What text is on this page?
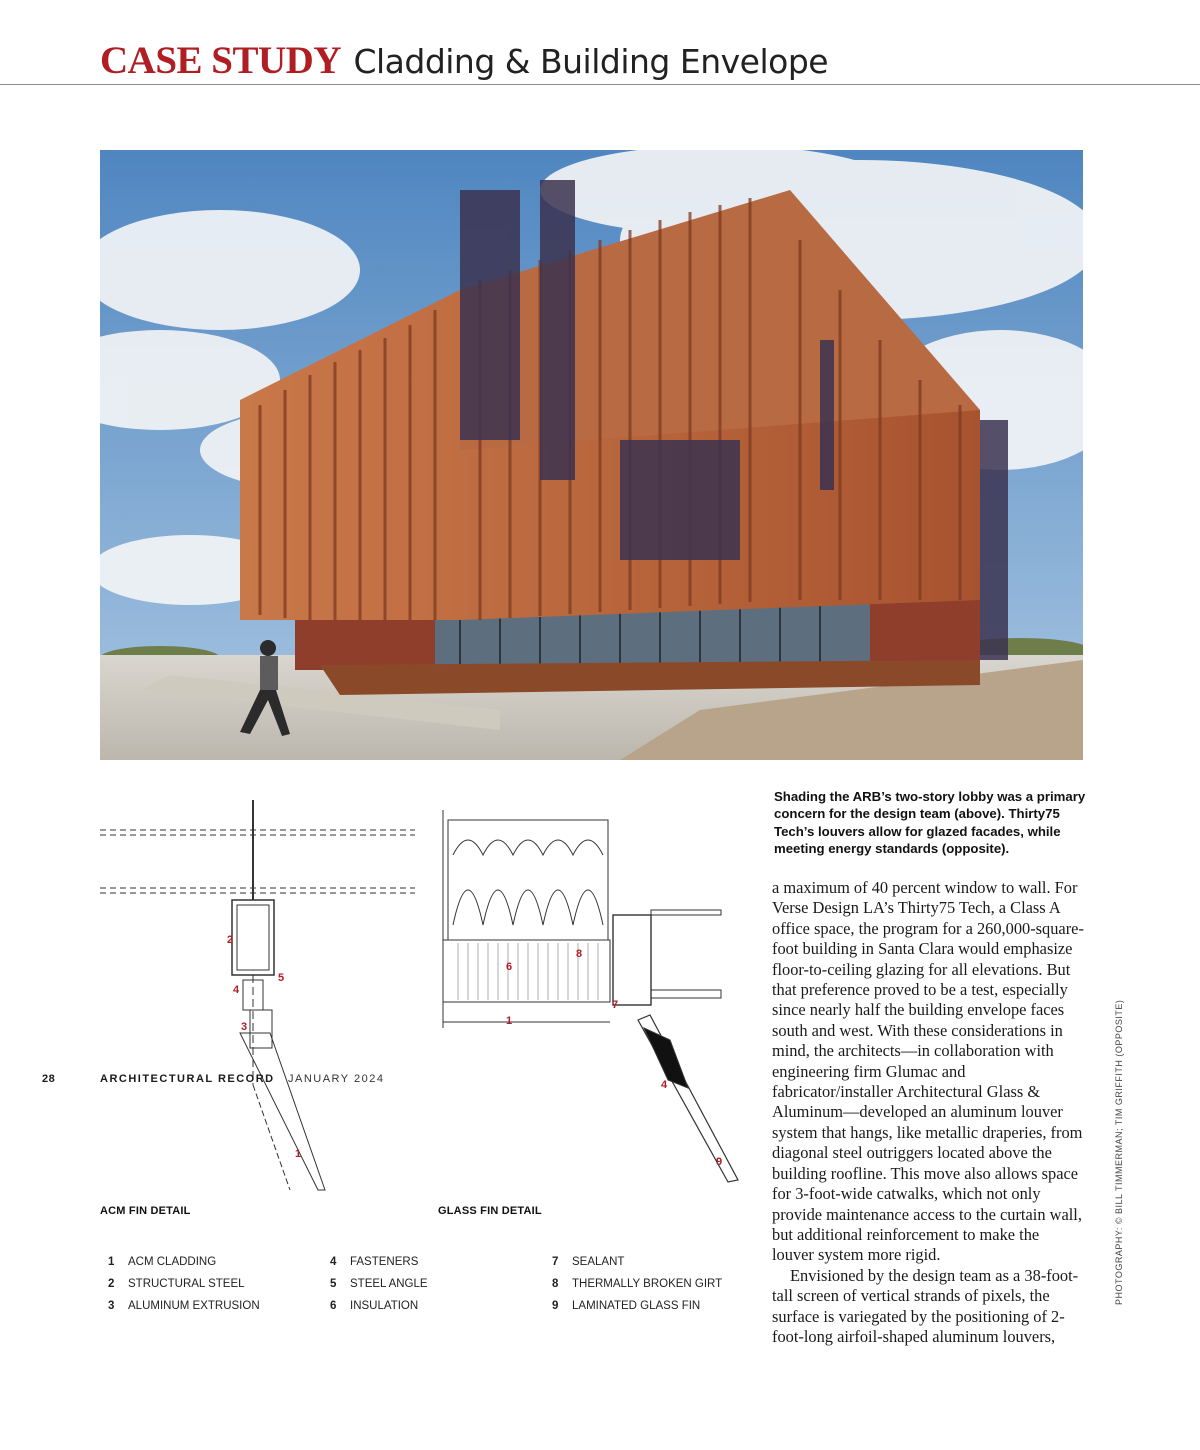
CASE STUDY Cladding & Building Envelope
Shading the ARB’s two-story lobby was a primary concern for the design team (above). Thirty75 Tech’s louvers allow for glazed facades, while meeting energy standards (opposite).
2
4
5
3
1
ACM FIN DETAIL
6
8
1
7
4
9
GLASS FIN DETAIL
1 ACM CLADDING
2 STRUCTURAL STEEL
3 ALUMINUM EXTRUSION
4 FASTENERS
5 STEEL ANGLE
6 INSULATION
7 SEALANT
8 THERMALLY BROKEN GIRT
9 LAMINATED GLASS FIN

a maximum of 40 percent window to wall. For Verse Design LA’s Thirty75 Tech, a Class A office space, the program for a 260,000-square-foot building in Santa Clara would emphasize floor-to-ceiling glazing for all elevations. But that preference proved to be a test, especially since nearly half the building envelope faces south and west. With these considerations in mind, the architects—in collaboration with engineering firm Glumac and fabricator/installer Architectural Glass & Aluminum—developed an aluminum louver system that hangs, like metallic draperies, from diagonal steel outriggers located above the building roofline. This move also allows space for 3-foot-wide catwalks, which not only provide maintenance access to the curtain wall, but additional reinforcement to make the louver system more rigid.

Envisioned by the design team as a 38-foot-tall screen of vertical strands of pixels, the surface is variegated by the positioning of 2-foot-long airfoil-shaped aluminum louvers,

PHOTOGRAPHY: © BILL TIMMERMAN; TIM GRIFFITH (OPPOSITE)
28	ARCHITECTURAL RECORD JANUARY 2024
